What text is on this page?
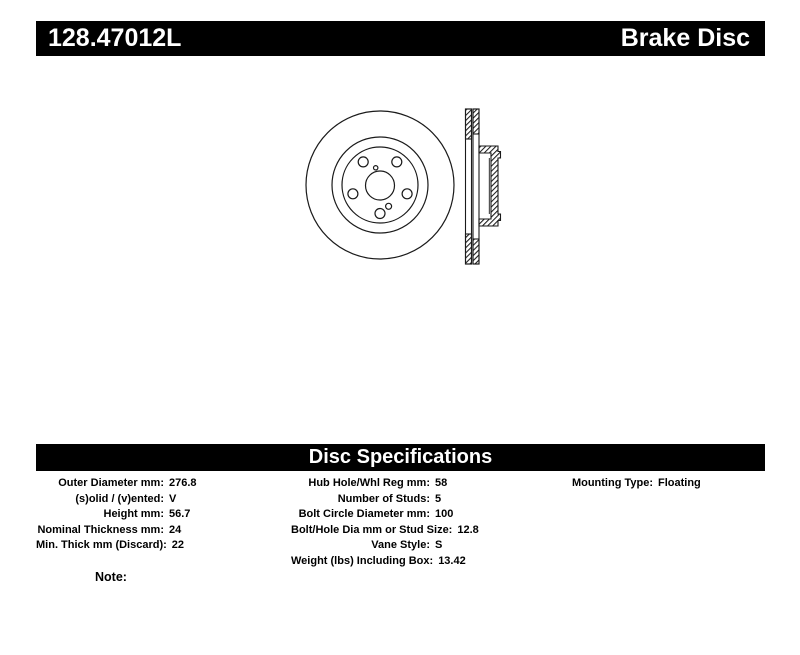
128.47012L	Brake Disc
Disc Specifications
Outer Diameter mm: 276.8
(s)olid / (v)ented: V
Height mm: 56.7
Nominal Thickness mm: 24
Min. Thick mm (Discard): 22
Hub Hole/Whl Reg mm: 58
Number of Studs: 5
Bolt Circle Diameter mm: 100
Bolt/Hole Dia mm or Stud Size: 12.8
Vane Style: S
Weight (lbs) Including Box: 13.42
Mounting Type: Floating
Note:
